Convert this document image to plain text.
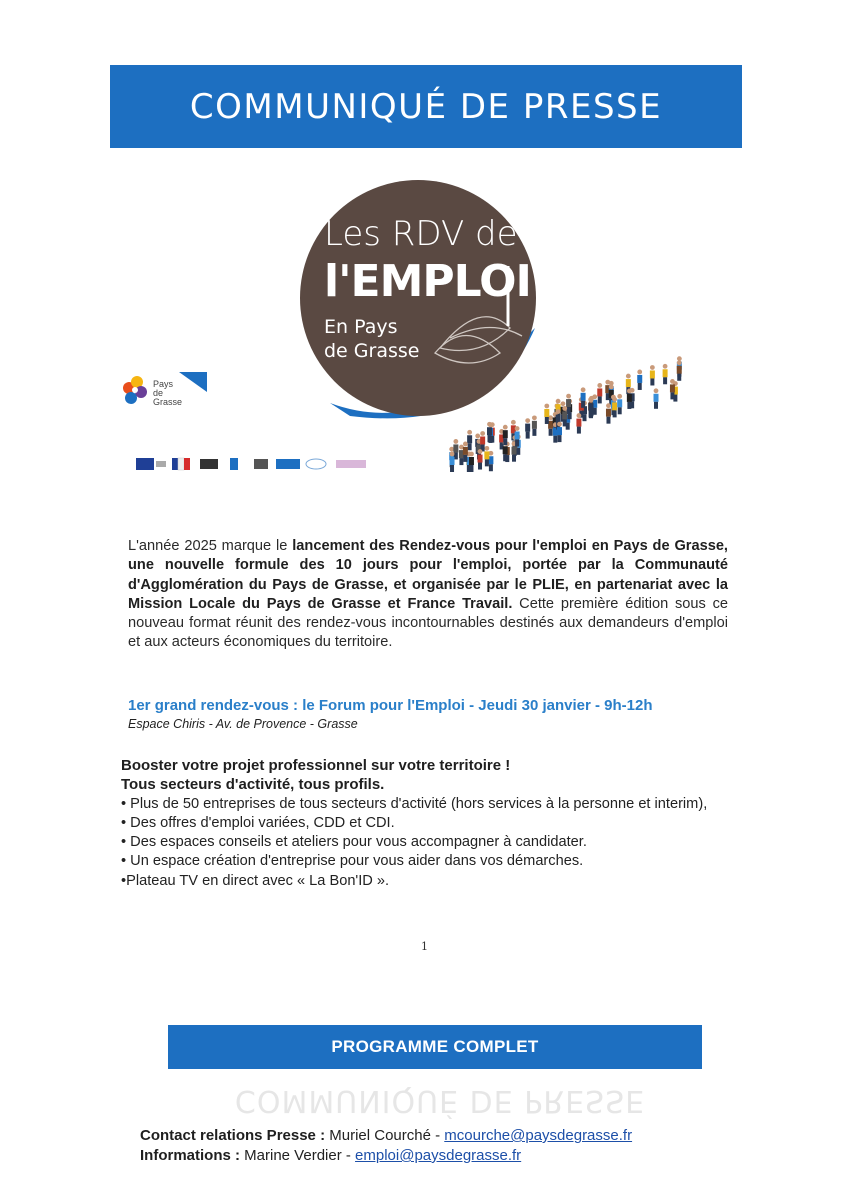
COMMUNIQUÉ DE PRESSE
Les RDV de
l'EMPLOI
En Pays
de Grasse
Pays
de
Grasse
L'année 2025 marque le lancement des Rendez-vous pour l'emploi en Pays de Grasse, une nouvelle formule des 10 jours pour l'emploi, portée par la Communauté d'Agglomération du Pays de Grasse, et organisée par le PLIE, en partenariat avec la Mission Locale du Pays de Grasse et France Travail. Cette première édition sous ce nouveau format réunit des rendez-vous incontournables destinés aux demandeurs d'emploi et aux acteurs économiques du territoire.
1er grand rendez-vous : le Forum pour l'Emploi - Jeudi 30 janvier - 9h-12h
Espace Chiris - Av. de Provence - Grasse
Booster votre projet professionnel sur votre territoire !
Tous secteurs d'activité, tous profils.
• Plus de 50 entreprises de tous secteurs d'activité (hors services à la personne et interim),
• Des offres d'emploi variées, CDD et CDI.
• Des espaces conseils et ateliers pour vous accompagner à candidater.
• Un espace création d'entreprise pour vous aider dans vos démarches.
•Plateau TV en direct avec « La Bon'ID ».
1
PROGRAMME COMPLET
COMMUNIQUÉ DE PRESSE
Contact relations Presse : Muriel Courché - mcourche@paysdegrasse.fr
Informations : Marine Verdier - emploi@paysdegrasse.fr
